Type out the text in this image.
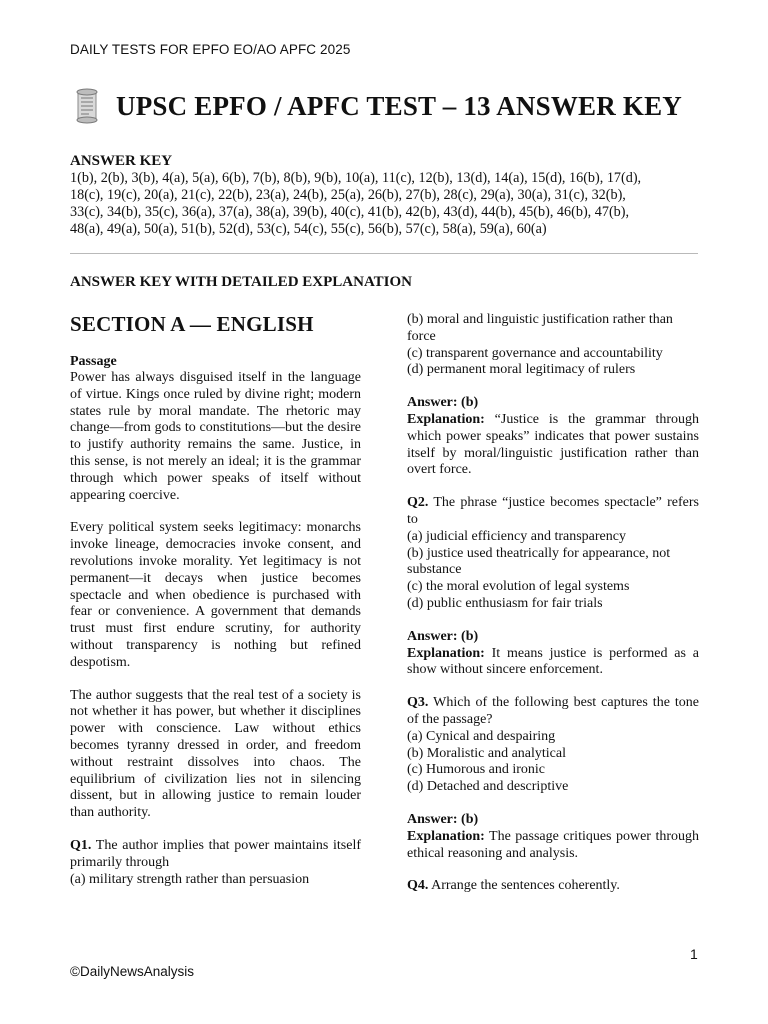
DAILY TESTS FOR EPFO EO/AO APFC 2025
UPSC EPFO / APFC TEST – 13 ANSWER KEY
ANSWER KEY
1(b), 2(b), 3(b), 4(a), 5(a), 6(b), 7(b), 8(b), 9(b), 10(a), 11(c), 12(b), 13(d), 14(a), 15(d), 16(b), 17(d),
18(c), 19(c), 20(a), 21(c), 22(b), 23(a), 24(b), 25(a), 26(b), 27(b), 28(c), 29(a), 30(a), 31(c), 32(b),
33(c), 34(b), 35(c), 36(a), 37(a), 38(a), 39(b), 40(c), 41(b), 42(b), 43(d), 44(b), 45(b), 46(b), 47(b),
48(a), 49(a), 50(a), 51(b), 52(d), 53(c), 54(c), 55(c), 56(b), 57(c), 58(a), 59(a), 60(a)
ANSWER KEY WITH DETAILED EXPLANATION
SECTION A — ENGLISH
Passage

Power has always disguised itself in the language of virtue. Kings once ruled by divine right; modern states rule by moral mandate. The rhetoric may change—from gods to constitutions—but the desire to justify authority remains the same. Justice, in this sense, is not merely an ideal; it is the grammar through which power speaks of itself without appearing coercive.

Every political system seeks legitimacy: monarchs invoke lineage, democracies invoke consent, and revolutions invoke morality. Yet legitimacy is not permanent—it decays when justice becomes spectacle and when obedience is purchased with fear or convenience. A government that demands trust must first endure scrutiny, for authority without transparency is nothing but refined despotism.

The author suggests that the real test of a society is not whether it has power, but whether it disciplines power with conscience. Law without ethics becomes tyranny dressed in order, and freedom without restraint dissolves into chaos. The equilibrium of civilization lies not in silencing dissent, but in allowing justice to remain louder than authority.

Q1. The author implies that power maintains itself primarily through
(a) military strength rather than persuasion
(b) moral and linguistic justification rather than force
(c) transparent governance and accountability
(d) permanent moral legitimacy of rulers
Answer: (b)
Explanation: “Justice is the grammar through which power speaks” indicates that power sustains itself by moral/linguistic justification rather than overt force.
Q2. The phrase “justice becomes spectacle” refers to
(a) judicial efficiency and transparency
(b) justice used theatrically for appearance, not substance
(c) the moral evolution of legal systems
(d) public enthusiasm for fair trials
Answer: (b)
Explanation: It means justice is performed as a show without sincere enforcement.
Q3. Which of the following best captures the tone of the passage?
(a) Cynical and despairing
(b) Moralistic and analytical
(c) Humorous and ironic
(d) Detached and descriptive
Answer: (b)
Explanation: The passage critiques power through ethical reasoning and analysis.
Q4. Arrange the sentences coherently.
1
©DailyNewsAnalysis
